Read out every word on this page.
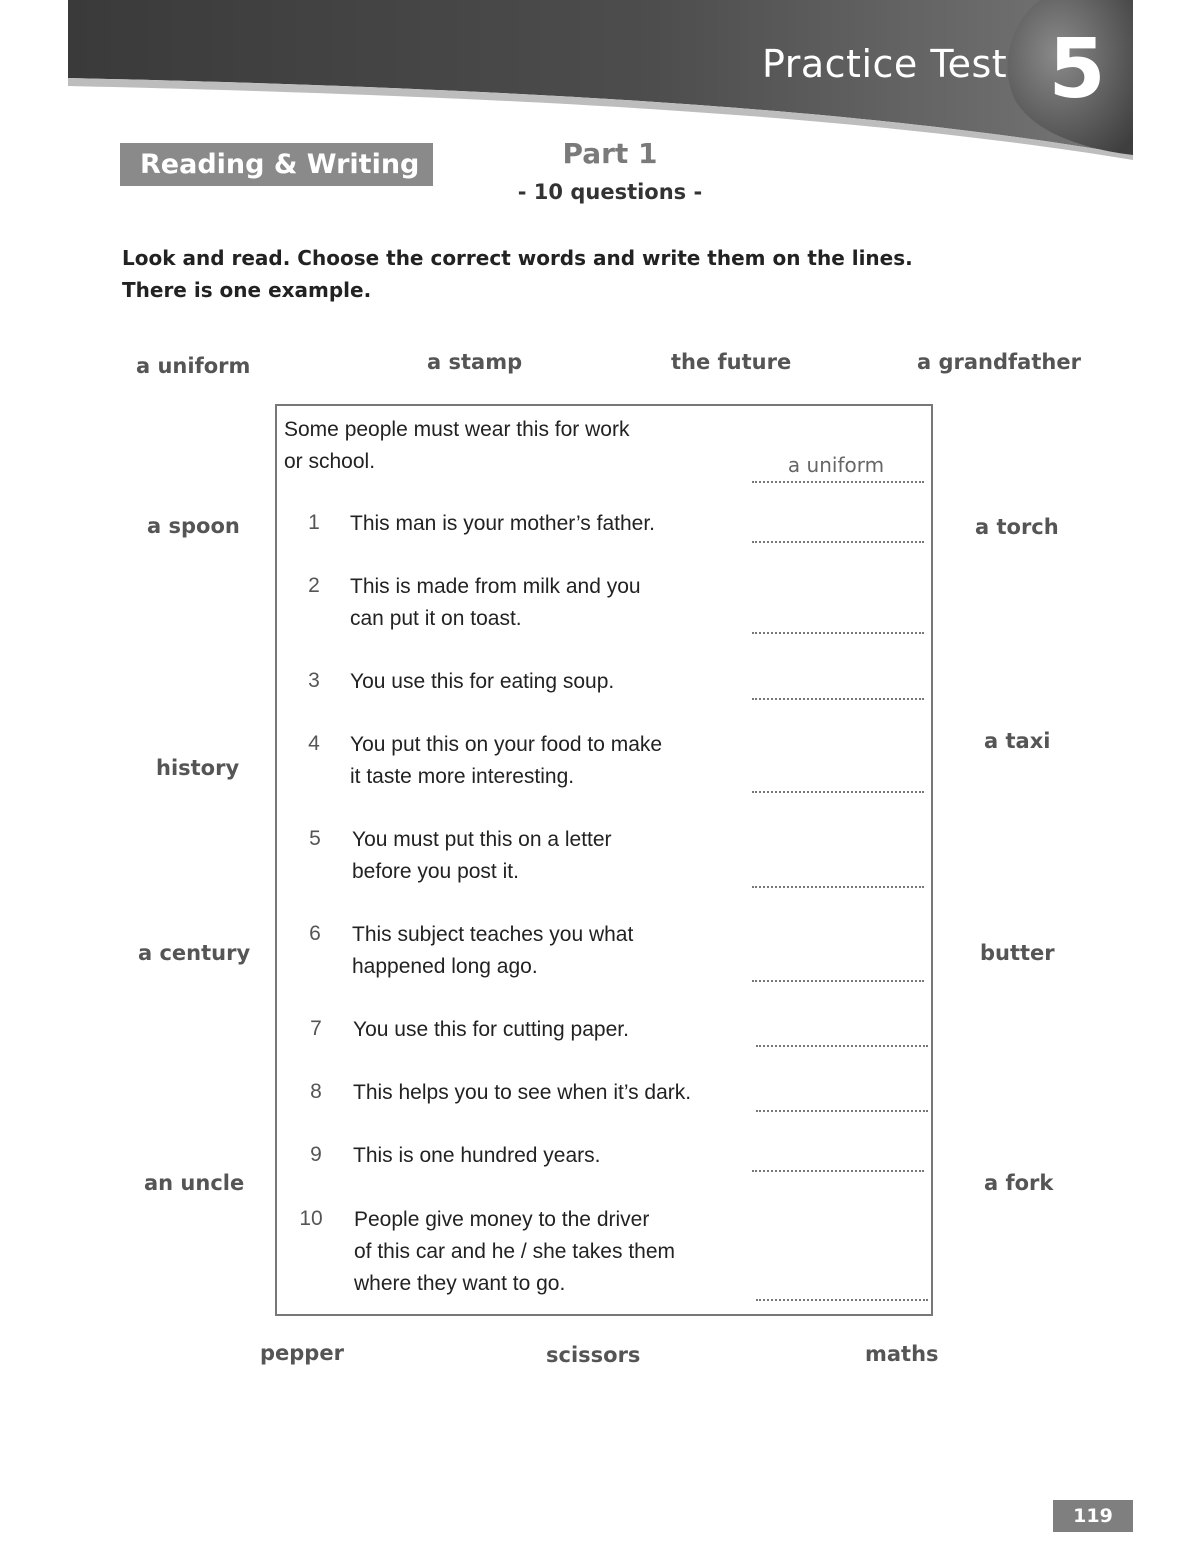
Practice Test 5
Reading & Writing	Part 1
- 10 questions -
Look and read. Choose the correct words and write them on the lines.
There is one example.
a uniform	a stamp	the future	a grandfather
a spoon
history
a century
an uncle
a torch
a taxi
butter
a fork
pepper	scissors	maths
Some people must wear this for work
or school.	a uniform
1	This man is your mother’s father.
2	This is made from milk and you
can put it on toast.
3	You use this for eating soup.
4	You put this on your food to make
it taste more interesting.
5	You must put this on a letter
before you post it.
6	This subject teaches you what
happened long ago.
7	You use this for cutting paper.
8	This helps you to see when it’s dark.
9	This is one hundred years.
10 People give money to the driver
of this car and he / she takes them
where they want to go.
119
